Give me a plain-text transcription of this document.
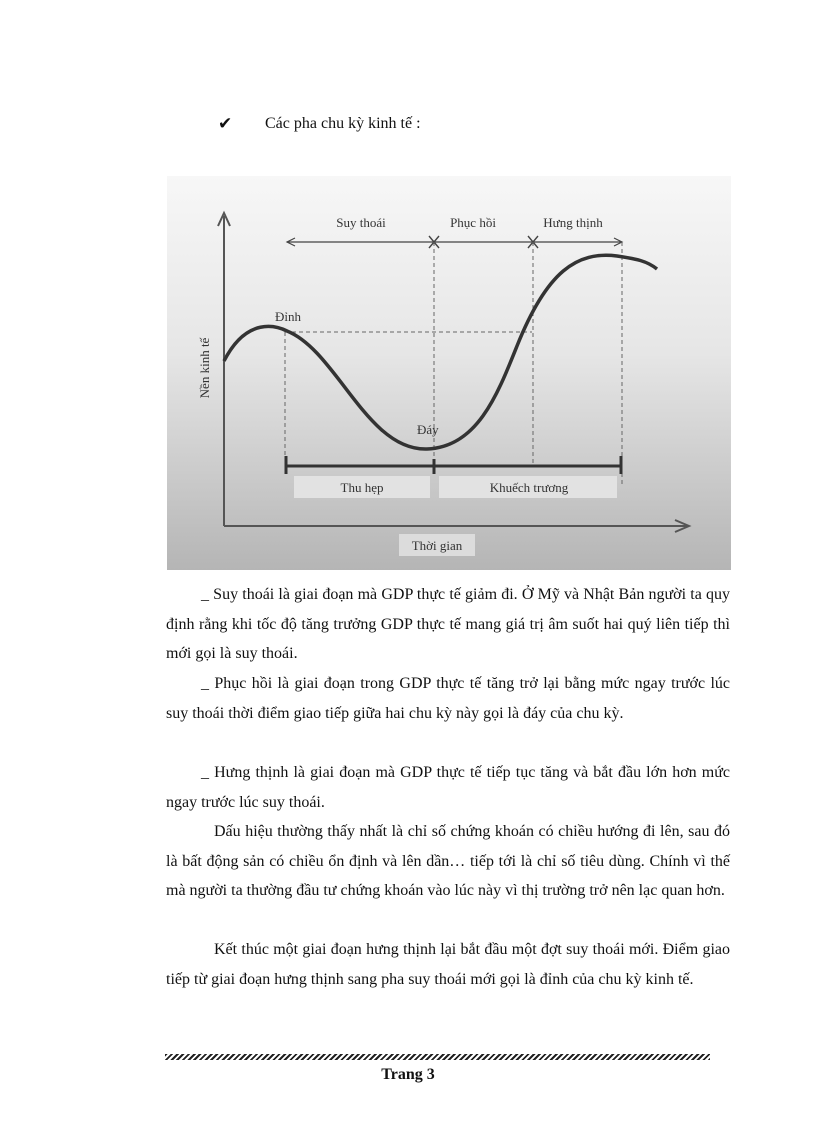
✔	Các pha chu kỳ kinh tế :
Suy thoái	Phục hồi	Hưng thịnh
Đỉnh
Đáy
Thu hẹp	Khuếch trương
Thời gian
Nền kinh tế

_ Suy thoái là giai đoạn mà GDP thực tế giảm đi. Ở Mỹ và Nhật Bản người ta quy định rằng khi tốc độ tăng trưởng GDP thực tế mang giá trị âm suốt hai quý liên tiếp thì mới gọi là suy thoái.

_ Phục hồi là giai đoạn trong GDP thực tế tăng trở lại bằng mức ngay trước lúc suy thoái thời điểm giao tiếp giữa hai chu kỳ này gọi là đáy của chu kỳ.

_ Hưng thịnh là giai đoạn mà GDP thực tế tiếp tục tăng và bắt đầu lớn hơn mức ngay trước lúc suy thoái.

Dấu hiệu thường thấy nhất là chỉ số chứng khoán có chiều hướng đi lên, sau đó là bất động sản có chiều ổn định và lên dần… tiếp tới là chỉ số tiêu dùng. Chính vì thế mà người ta thường đầu tư chứng khoán vào lúc này vì thị trường trở nên lạc quan hơn.

Kết thúc một giai đoạn hưng thịnh lại bắt đầu một đợt suy thoái mới. Điểm giao tiếp từ giai đoạn hưng thịnh sang pha suy thoái mới gọi là đỉnh của chu kỳ kinh tế.

Trang 3
